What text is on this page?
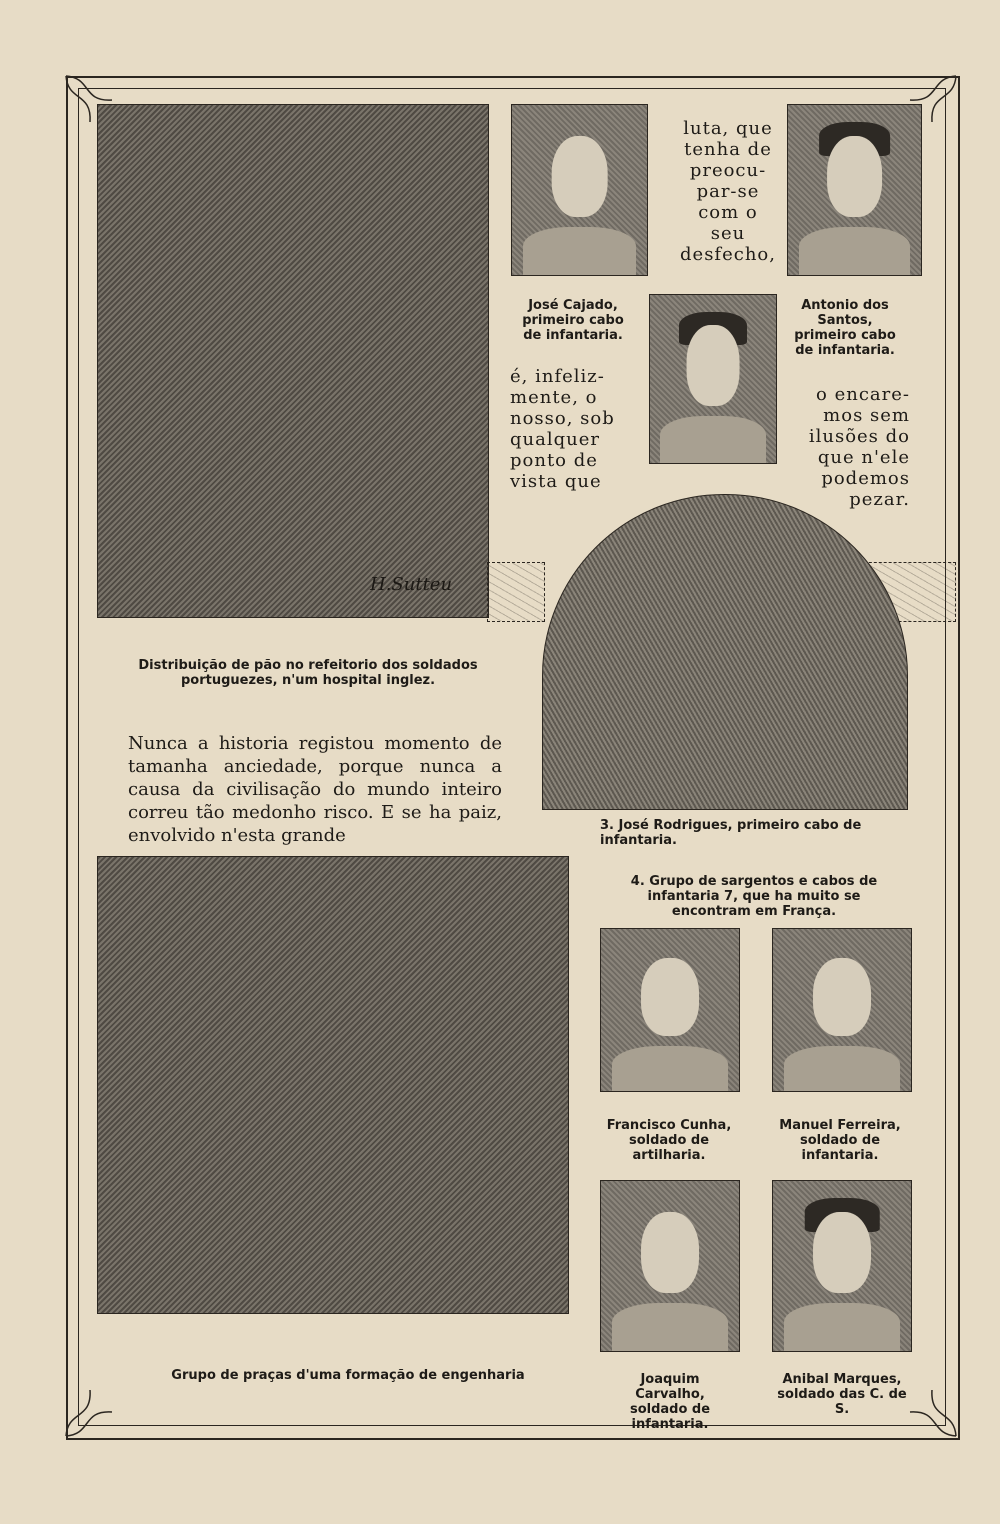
H.Sutteu
luta, que
tenha de
preocu-
par-se
com o seu
desfecho,
é, infeliz-
mente, o
nosso, sob
qualquer
ponto de
vista que
o encare-
mos sem
ilusões do
que n'ele
podemos
pezar.
José Cajado, primeiro cabo de infantaria.
Antonio dos Santos, primeiro cabo de infantaria.
Distribuição de pão no refeitorio dos soldados portuguezes, n'um hospital inglez.
Nunca a historia registou momento de tamanha anciedade, porque nunca a causa da civilisação do mundo inteiro correu tão medonho risco. E se ha paiz, envolvido n'esta grande	3. José Rodrigues, primeiro cabo de infantaria.
4. Grupo de sargentos e cabos de infantaria 7, que ha muito se encontram em França.
Grupo de praças d'uma formação de engenharia
Francisco Cunha, soldado de artilharia.
Manuel Ferreira, soldado de infantaria.
Joaquim Carvalho, soldado de infantaria.
Anibal Marques, soldado das C. de S.
